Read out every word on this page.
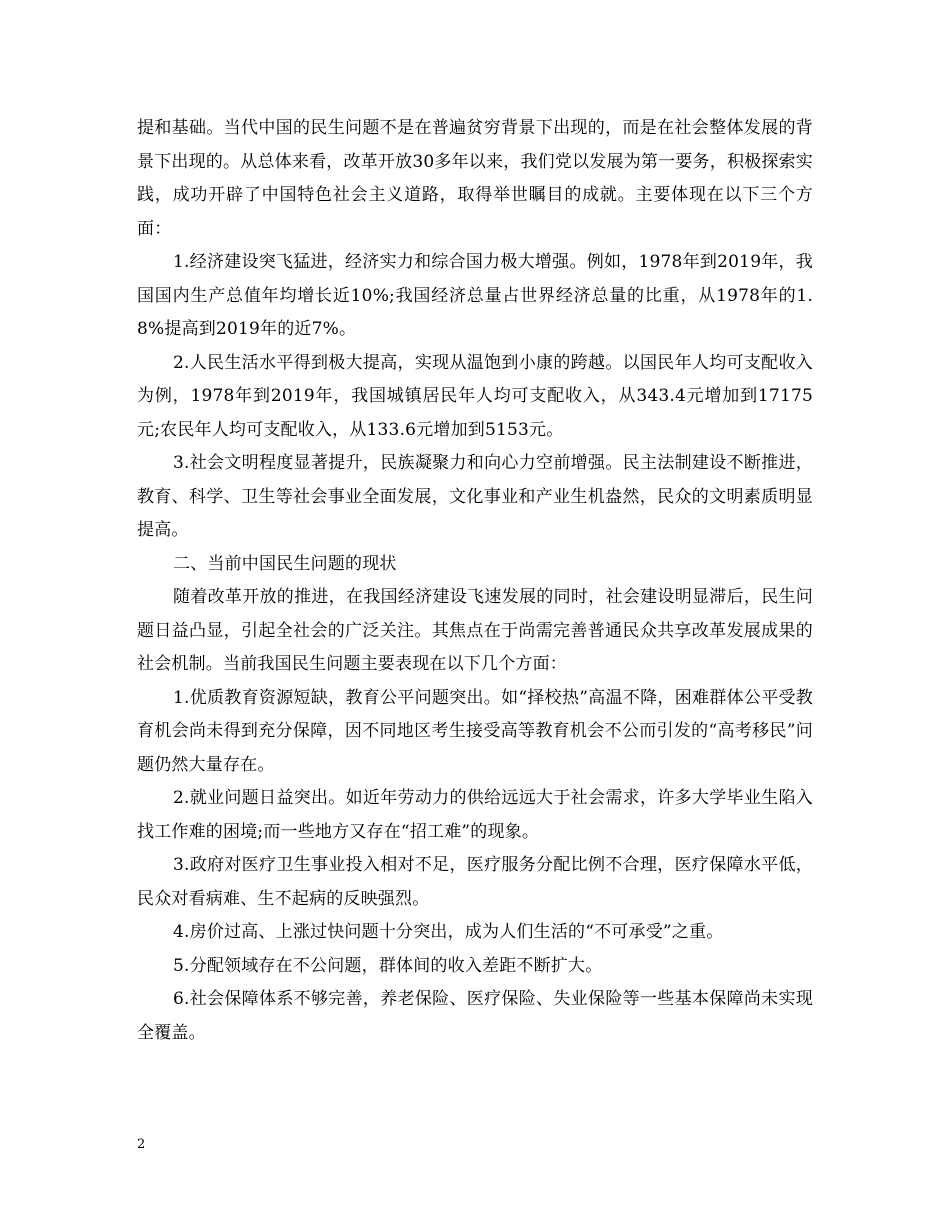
提和基础。当代中国的民生问题不是在普遍贫穷背景下出现的，而是在社会整体发展的背景下出现的。从总体来看，改革开放30多年以来，我们党以发展为第一要务，积极探索实践，成功开辟了中国特色社会主义道路，取得举世瞩目的成就。主要体现在以下三个方面：

1.经济建设突飞猛进，经济实力和综合国力极大增强。例如，1978年到2019年，我国国内生产总值年均增长近10%;我国经济总量占世界经济总量的比重，从1978年的1.8%提高到2019年的近7%。

2.人民生活水平得到极大提高，实现从温饱到小康的跨越。以国民年人均可支配收入为例，1978年到2019年，我国城镇居民年人均可支配收入，从343.4元增加到17175元;农民年人均可支配收入，从133.6元增加到5153元。

3.社会文明程度显著提升，民族凝聚力和向心力空前增强。民主法制建设不断推进，教育、科学、卫生等社会事业全面发展，文化事业和产业生机盎然，民众的文明素质明显提高。

二、当前中国民生问题的现状

随着改革开放的推进，在我国经济建设飞速发展的同时，社会建设明显滞后，民生问题日益凸显，引起全社会的广泛关注。其焦点在于尚需完善普通民众共享改革发展成果的社会机制。当前我国民生问题主要表现在以下几个方面：

1.优质教育资源短缺，教育公平问题突出。如“择校热”高温不降，困难群体公平受教育机会尚未得到充分保障，因不同地区考生接受高等教育机会不公而引发的“高考移民”问题仍然大量存在。

2.就业问题日益突出。如近年劳动力的供给远远大于社会需求，许多大学毕业生陷入找工作难的困境;而一些地方又存在“招工难”的现象。

3.政府对医疗卫生事业投入相对不足，医疗服务分配比例不合理，医疗保障水平低，民众对看病难、生不起病的反映强烈。

4.房价过高、上涨过快问题十分突出，成为人们生活的“不可承受”之重。

5.分配领域存在不公问题，群体间的收入差距不断扩大。

6.社会保障体系不够完善，养老保险、医疗保险、失业保险等一些基本保障尚未实现全覆盖。

2
